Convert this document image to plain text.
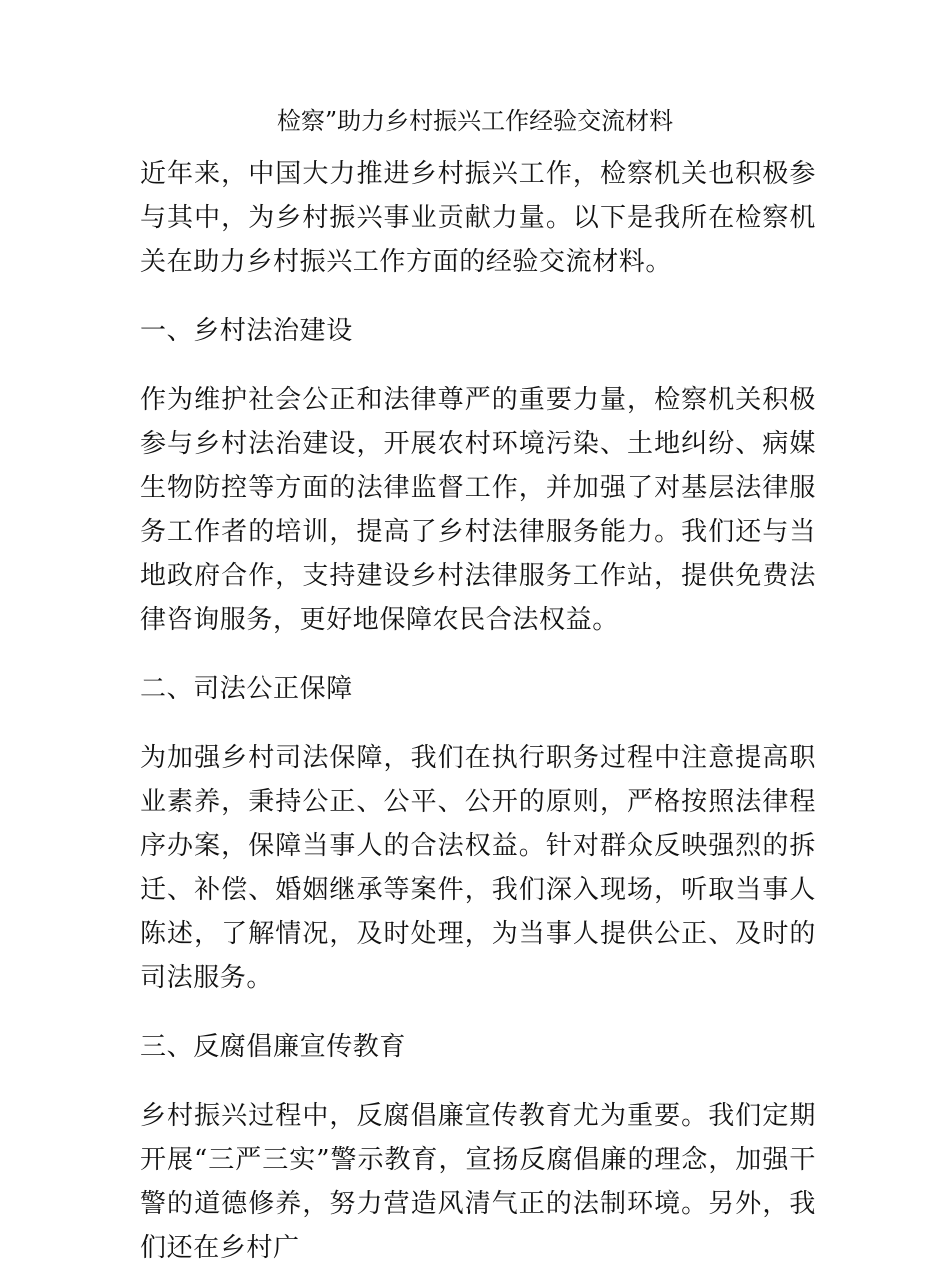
检察”助力乡村振兴工作经验交流材料

近年来，中国大力推进乡村振兴工作，检察机关也积极参与其中，为乡村振兴事业贡献力量。以下是我所在检察机关在助力乡村振兴工作方面的经验交流材料。

一、乡村法治建设

作为维护社会公正和法律尊严的重要力量，检察机关积极参与乡村法治建设，开展农村环境污染、土地纠纷、病媒生物防控等方面的法律监督工作，并加强了对基层法律服务工作者的培训，提高了乡村法律服务能力。我们还与当地政府合作，支持建设乡村法律服务工作站，提供免费法律咨询服务，更好地保障农民合法权益。

二、司法公正保障

为加强乡村司法保障，我们在执行职务过程中注意提高职业素养，秉持公正、公平、公开的原则，严格按照法律程序办案，保障当事人的合法权益。针对群众反映强烈的拆迁、补偿、婚姻继承等案件，我们深入现场，听取当事人陈述，了解情况，及时处理，为当事人提供公正、及时的司法服务。

三、反腐倡廉宣传教育

乡村振兴过程中，反腐倡廉宣传教育尤为重要。我们定期开展“三严三实”警示教育，宣扬反腐倡廉的理念，加强干警的道德修养，努力营造风清气正的法制环境。另外，我们还在乡村广
